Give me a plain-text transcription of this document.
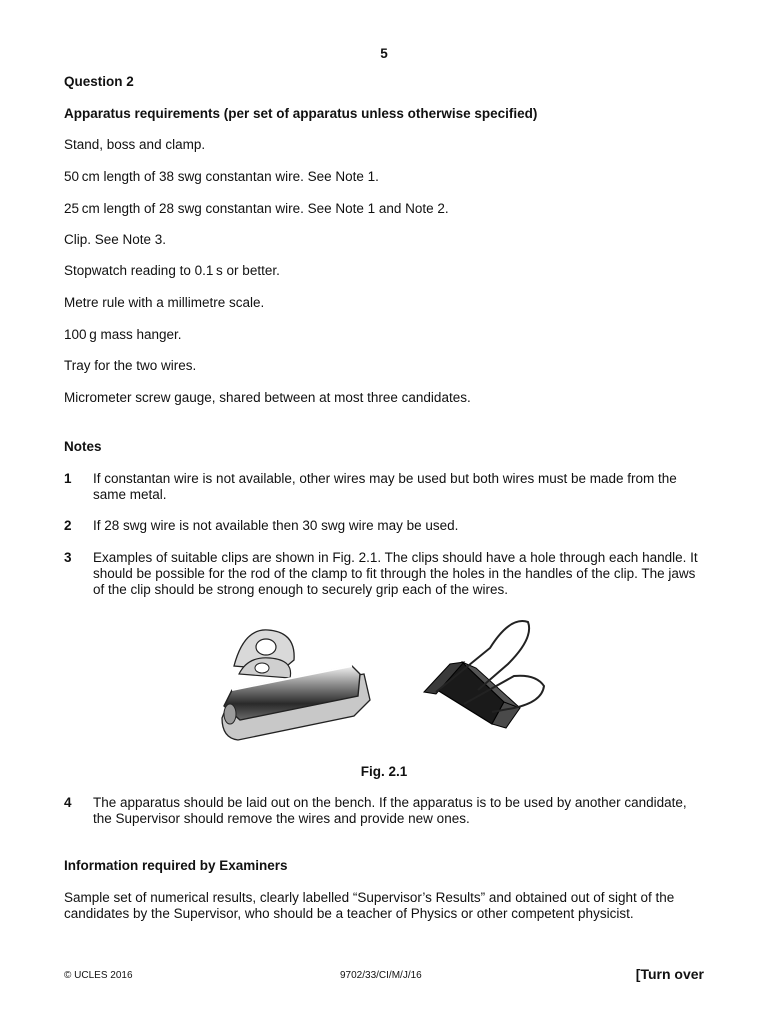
5
Question 2
Apparatus requirements (per set of apparatus unless otherwise specified)
Stand, boss and clamp.
50 cm length of 38 swg constantan wire. See Note 1.
25 cm length of 28 swg constantan wire. See Note 1 and Note 2.
Clip. See Note 3.
Stopwatch reading to 0.1 s or better.
Metre rule with a millimetre scale.
100 g mass hanger.
Tray for the two wires.
Micrometer screw gauge, shared between at most three candidates.
Notes
1 If constantan wire is not available, other wires may be used but both wires must be made from the same metal.
2 If 28 swg wire is not available then 30 swg wire may be used.
3 Examples of suitable clips are shown in Fig. 2.1. The clips should have a hole through each handle. It should be possible for the rod of the clamp to fit through the holes in the handles of the clip. The jaws of the clip should be strong enough to securely grip each of the wires.
Fig. 2.1
4 The apparatus should be laid out on the bench. If the apparatus is to be used by another candidate, the Supervisor should remove the wires and provide new ones.
Information required by Examiners
Sample set of numerical results, clearly labelled “Supervisor’s Results” and obtained out of sight of the candidates by the Supervisor, who should be a teacher of Physics or other competent physicist.
© UCLES 2016	9702/33/CI/M/J/16	[Turn over
